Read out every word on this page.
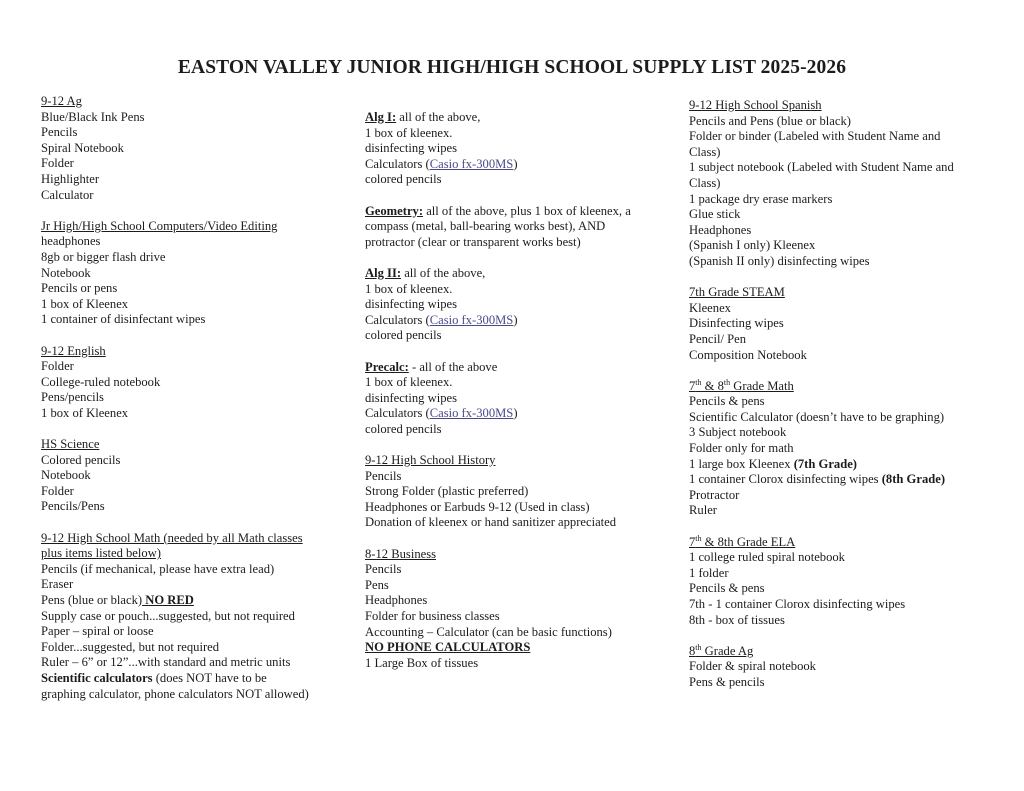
EASTON VALLEY JUNIOR HIGH/HIGH SCHOOL SUPPLY LIST 2025-2026
9-12 Ag
Blue/Black Ink Pens
Pencils
Spiral Notebook
Folder
Highlighter
Calculator
Jr High/High School Computers/Video Editing
headphones
8gb or bigger flash drive
Notebook
Pencils or pens
1 box of Kleenex
1 container of disinfectant wipes
9-12 English
Folder
College-ruled notebook
Pens/pencils
1 box of Kleenex
HS Science
Colored pencils
Notebook
Folder
Pencils/Pens
9-12 High School Math (needed by all Math classes
plus items listed below)
Pencils (if mechanical, please have extra lead)
Eraser
Pens (blue or black) NO RED
Supply case or pouch...suggested, but not required
Paper – spiral or loose
Folder...suggested, but not required
Ruler – 6” or 12”...with standard and metric units
Scientific calculators (does NOT have to be
graphing calculator, phone calculators NOT allowed)
Alg I: all of the above,
1 box of kleenex.
disinfecting wipes
Calculators (Casio fx-300MS)
colored pencils
Geometry: all of the above, plus 1 box of kleenex, a
compass (metal, ball-bearing works best), AND
protractor (clear or transparent works best)
Alg II: all of the above,
1 box of kleenex.
disinfecting wipes
Calculators (Casio fx-300MS)
colored pencils
Precalc: - all of the above
1 box of kleenex.
disinfecting wipes
Calculators (Casio fx-300MS)
colored pencils
9-12 High School History
Pencils
Strong Folder (plastic preferred)
Headphones or Earbuds 9-12 (Used in class)
Donation of kleenex or hand sanitizer appreciated
8-12 Business
Pencils
Pens
Headphones
Folder for business classes
Accounting – Calculator (can be basic functions)
NO PHONE CALCULATORS
1 Large Box of tissues
9-12 High School Spanish
Pencils and Pens (blue or black)
Folder or binder (Labeled with Student Name and
Class)
1 subject notebook (Labeled with Student Name and
Class)
1 package dry erase markers
Glue stick
Headphones
(Spanish I only) Kleenex
(Spanish II only) disinfecting wipes
7th Grade STEAM
Kleenex
Disinfecting wipes
Pencil/ Pen
Composition Notebook
7th & 8th Grade Math
Pencils & pens
Scientific Calculator (doesn’t have to be graphing)
3 Subject notebook
Folder only for math
1 large box Kleenex (7th Grade)
1 container Clorox disinfecting wipes (8th Grade)
Protractor
Ruler
7th & 8th Grade ELA
1 college ruled spiral notebook
1 folder
Pencils & pens
7th - 1 container Clorox disinfecting wipes
8th - box of tissues
8th Grade Ag
Folder & spiral notebook
Pens & pencils
